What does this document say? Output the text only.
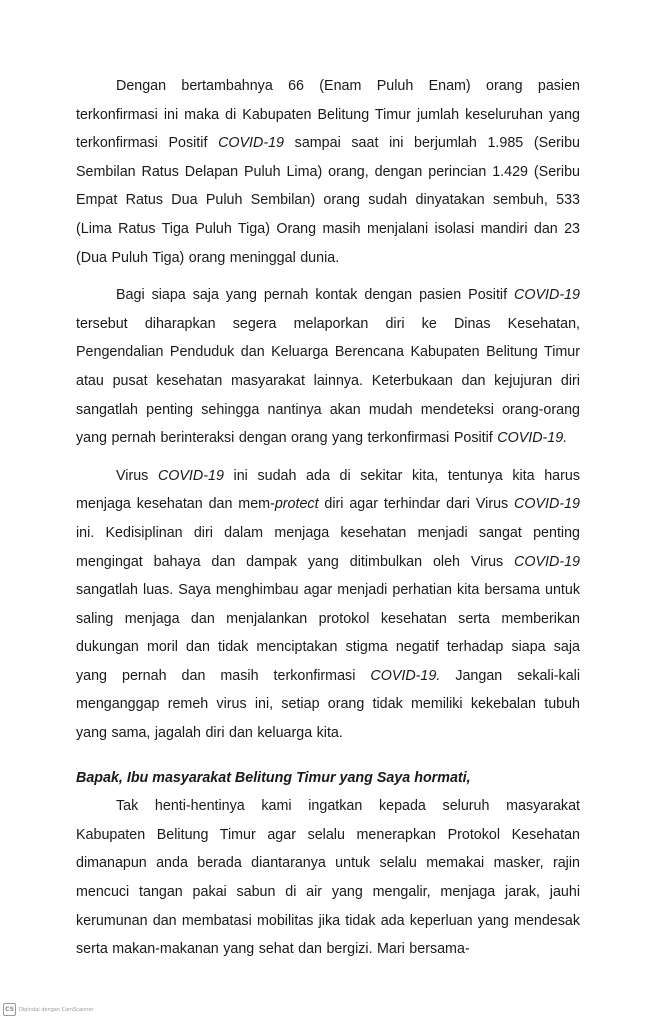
Dengan bertambahnya 66 (Enam Puluh Enam) orang pasien terkonfirmasi ini maka di Kabupaten Belitung Timur jumlah keseluruhan yang terkonfirmasi Positif COVID-19 sampai saat ini berjumlah 1.985 (Seribu Sembilan Ratus Delapan Puluh Lima) orang, dengan perincian 1.429 (Seribu Empat Ratus Dua Puluh Sembilan) orang sudah dinyatakan sembuh, 533 (Lima Ratus Tiga Puluh Tiga) Orang masih menjalani isolasi mandiri dan 23 (Dua Puluh Tiga) orang meninggal dunia.

Bagi siapa saja yang pernah kontak dengan pasien Positif COVID-19 tersebut diharapkan segera melaporkan diri ke Dinas Kesehatan, Pengendalian Penduduk dan Keluarga Berencana Kabupaten Belitung Timur atau pusat kesehatan masyarakat lainnya. Keterbukaan dan kejujuran diri sangatlah penting sehingga nantinya akan mudah mendeteksi orang-orang yang pernah berinteraksi dengan orang yang terkonfirmasi Positif COVID-19.

Virus COVID-19 ini sudah ada di sekitar kita, tentunya kita harus menjaga kesehatan dan mem-protect diri agar terhindar dari Virus COVID-19 ini. Kedisiplinan diri dalam menjaga kesehatan menjadi sangat penting mengingat bahaya dan dampak yang ditimbulkan oleh Virus COVID-19 sangatlah luas. Saya menghimbau agar menjadi perhatian kita bersama untuk saling menjaga dan menjalankan protokol kesehatan serta memberikan dukungan moril dan tidak menciptakan stigma negatif terhadap siapa saja yang pernah dan masih terkonfirmasi COVID-19. Jangan sekali-kali menganggap remeh virus ini, setiap orang tidak memiliki kekebalan tubuh yang sama, jagalah diri dan keluarga kita.

Bapak, Ibu masyarakat Belitung Timur yang Saya hormati,

Tak henti-hentinya kami ingatkan kepada seluruh masyarakat Kabupaten Belitung Timur agar selalu menerapkan Protokol Kesehatan dimanapun anda berada diantaranya untuk selalu memakai masker, rajin mencuci tangan pakai sabun di air yang mengalir, menjaga jarak, jauhi kerumunan dan membatasi mobilitas jika tidak ada keperluan yang mendesak serta makan-makanan yang sehat dan bergizi. Mari bersama-

CS	Dipindai dengan CamScanner
